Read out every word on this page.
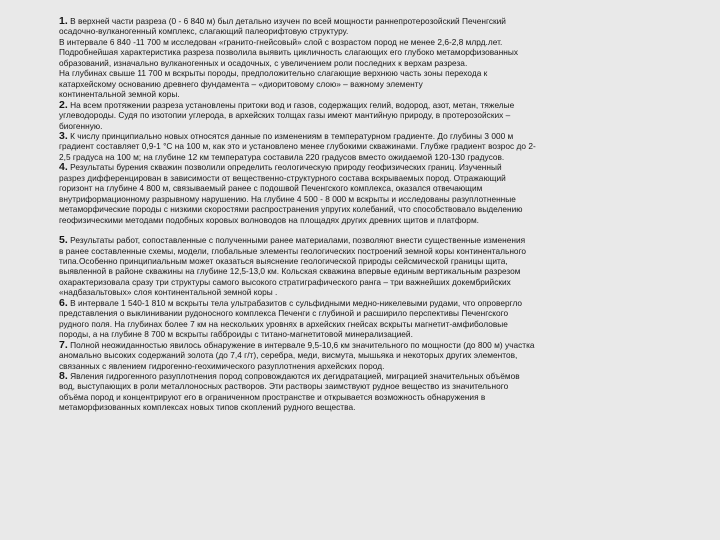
1. В верхней части разреза (0 - 6 840 м) был детально изучен по всей мощности раннепротерозойский Печенгский
осадочно-вулканогенный комплекс, слагающий палеорифтовую структуру.
В интервале 6 840 -11 700 м исследован «гранито-гнейсовый» слой с возрастом пород не менее 2,6-2,8 млрд.лет.
Подробнейшая характеристика разреза позволила выявить цикличность слагающих его глубоко метаморфизованных
образований, изначально вулканогенных и осадочных, с увеличением роли последних к верхам разреза.
На глубинах свыше 11 700 м вскрыты породы, предположительно слагающие верхнюю часть зоны перехода к
катархейскому основанию древнего фундамента – «диоритовому слою» – важному элементу
континентальной земной коры.
2. На всем протяжении разреза установлены притоки вод и газов, содержащих гелий, водород, азот, метан, тяжелые
углеводороды. Судя по изотопии углерода, в архейских толщах газы имеют мантийную природу, в протерозойских –
биогенную.
3. К числу принципиально новых относятся данные по изменениям в температурном градиенте. До глубины 3 000 м
градиент составляет 0,9-1 °С на 100 м, как это и установлено менее глубокими скважинами. Глубже градиент возрос до 2-
2,5 градуса на 100 м; на глубине 12 км температура составила 220 градусов вместо ожидаемой 120-130 градусов.
4. Результаты бурения скважин позволили определить геологическую природу геофизических границ. Изученный
разрез дифференцирован в зависимости от вещественно-структурного состава вскрываемых пород. Отражающий
горизонт на глубине 4 800 м, связываемый ранее с подошвой Печенгского комплекса, оказался отвечающим
внутриформационному разрывному нарушению. На глубине 4 500 - 8 000 м вскрыты и исследованы разуплотненные
метаморфические породы с низкими скоростями распространения упругих колебаний, что способствовало выделению
геофизическими методами подобных коровых волноводов на площадях других древних щитов и платформ.
5. Результаты работ, сопоставленные с полученными ранее материалами, позволяют внести существенные изменения
в ранее составленные схемы, модели, глобальные элементы геологических построений земной коры континентального
типа.Особенно принципиальным может оказаться выяснение геологической природы сейсмической границы щита,
выявленной в районе скважины на глубине 12,5-13,0 км. Кольская скважина впервые единым вертикальным разрезом
охарактеризовала сразу три структуры самого высокого стратиграфического ранга – три важнейших докембрийских
«надбазальтовых» слоя континентальной земной коры .
6. В интервале 1 540-1 810 м вскрыты тела ультрабазитов с сульфидными медно-никелевыми рудами, что опровергло
представления о выклинивании рудоносного комплекса Печенги с глубиной и расширило перспективы Печенгского
рудного поля. На глубинах более 7 км на нескольких уровнях в архейских гнейсах вскрыты магнетит-амфиболовые
породы, а на глубине 8 700 м вскрыты габброиды с титано-магнетитовой минерализацией.
7. Полной неожиданностью явилось обнаружение в интервале 9,5-10,6 км значительного по мощности (до 800 м) участка
аномально высоких содержаний золота (до 7,4 г/т), серебра, меди, висмута, мышьяка и некоторых других элементов,
связанных с явлением гидрогенно-геохимического разуплотнения архейских пород.
8. Явления гидрогенного разуплотнения пород сопровождаются их дегидратацией, миграцией значительных объёмов
вод, выступающих в роли металлоносных растворов. Эти растворы заимствуют рудное вещество из значительного
объёма пород и концентрируют его в ограниченном пространстве и открывается возможность обнаружения в
метаморфизованных комплексах новых типов скоплений рудного вещества.
